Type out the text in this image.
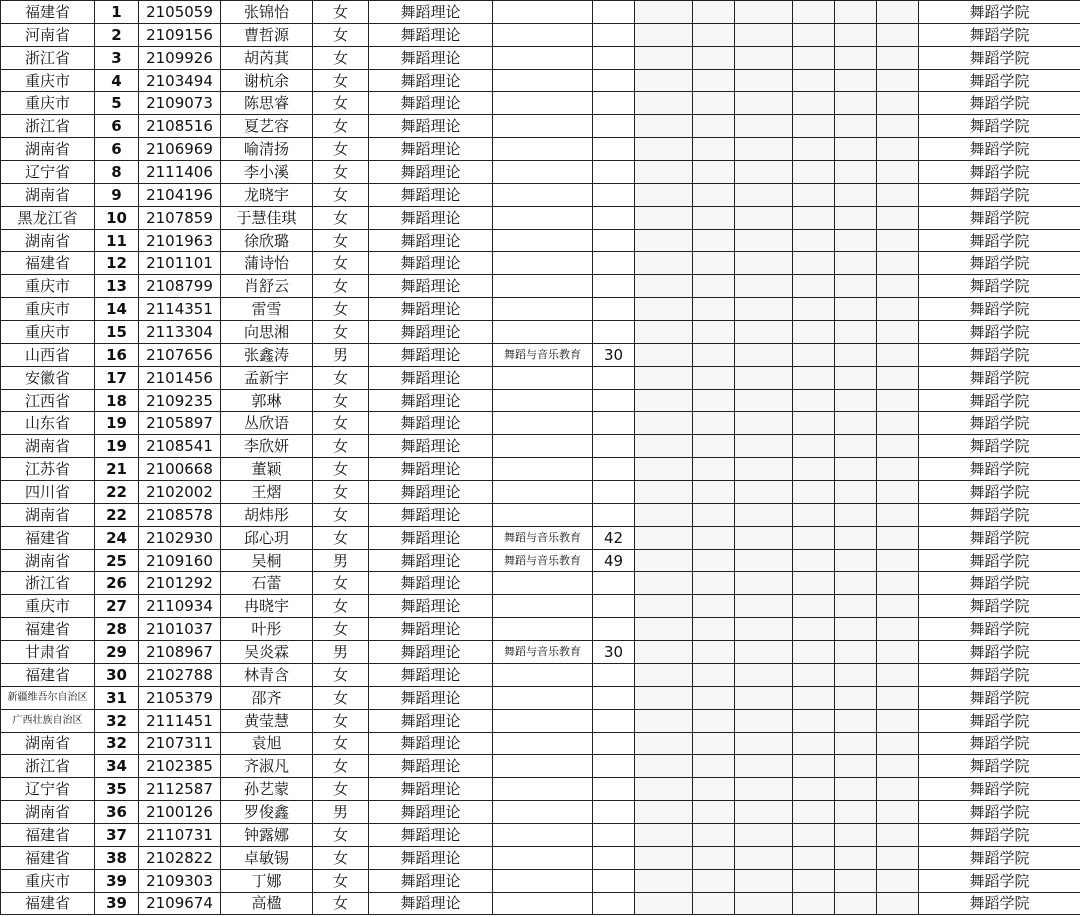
福建省	1	2105059	张锦怡	女	舞蹈理论									舞蹈学院
河南省	2	2109156	曹哲源	女	舞蹈理论									舞蹈学院
浙江省	3	2109926	胡芮萁	女	舞蹈理论									舞蹈学院
重庆市	4	2103494	谢杭余	女	舞蹈理论									舞蹈学院
重庆市	5	2109073	陈思睿	女	舞蹈理论									舞蹈学院
浙江省	6	2108516	夏艺容	女	舞蹈理论									舞蹈学院
湖南省	6	2106969	喻清扬	女	舞蹈理论									舞蹈学院
辽宁省	8	2111406	李小溪	女	舞蹈理论									舞蹈学院
湖南省	9	2104196	龙晓宇	女	舞蹈理论									舞蹈学院
黑龙江省	10	2107859	于慧佳琪	女	舞蹈理论									舞蹈学院
湖南省	11	2101963	徐欣璐	女	舞蹈理论									舞蹈学院
福建省	12	2101101	蒲诗怡	女	舞蹈理论									舞蹈学院
重庆市	13	2108799	肖舒云	女	舞蹈理论									舞蹈学院
重庆市	14	2114351	雷雪	女	舞蹈理论									舞蹈学院
重庆市	15	2113304	向思湘	女	舞蹈理论									舞蹈学院
山西省	16	2107656	张鑫涛	男	舞蹈理论	舞蹈与音乐教育	30							舞蹈学院
安徽省	17	2101456	孟新宇	女	舞蹈理论									舞蹈学院
江西省	18	2109235	郭琳	女	舞蹈理论									舞蹈学院
山东省	19	2105897	丛欣语	女	舞蹈理论									舞蹈学院
湖南省	19	2108541	李欣妍	女	舞蹈理论									舞蹈学院
江苏省	21	2100668	董颖	女	舞蹈理论									舞蹈学院
四川省	22	2102002	王熠	女	舞蹈理论									舞蹈学院
湖南省	22	2108578	胡炜彤	女	舞蹈理论									舞蹈学院
福建省	24	2102930	邱心玥	女	舞蹈理论	舞蹈与音乐教育	42							舞蹈学院
湖南省	25	2109160	吴桐	男	舞蹈理论	舞蹈与音乐教育	49							舞蹈学院
浙江省	26	2101292	石蕾	女	舞蹈理论									舞蹈学院
重庆市	27	2110934	冉晓宇	女	舞蹈理论									舞蹈学院
福建省	28	2101037	叶彤	女	舞蹈理论									舞蹈学院
甘肃省	29	2108967	吴炎霖	男	舞蹈理论	舞蹈与音乐教育	30							舞蹈学院
福建省	30	2102788	林青含	女	舞蹈理论									舞蹈学院
新疆维吾尔自治区	31	2105379	邵齐	女	舞蹈理论									舞蹈学院
广西壮族自治区	32	2111451	黄莹慧	女	舞蹈理论									舞蹈学院
湖南省	32	2107311	袁旭	女	舞蹈理论									舞蹈学院
浙江省	34	2102385	齐淑凡	女	舞蹈理论									舞蹈学院
辽宁省	35	2112587	孙艺蒙	女	舞蹈理论									舞蹈学院
湖南省	36	2100126	罗俊鑫	男	舞蹈理论									舞蹈学院
福建省	37	2110731	钟露娜	女	舞蹈理论									舞蹈学院
福建省	38	2102822	卓敏锡	女	舞蹈理论									舞蹈学院
重庆市	39	2109303	丁娜	女	舞蹈理论									舞蹈学院
福建省	39	2109674	高楹	女	舞蹈理论									舞蹈学院
